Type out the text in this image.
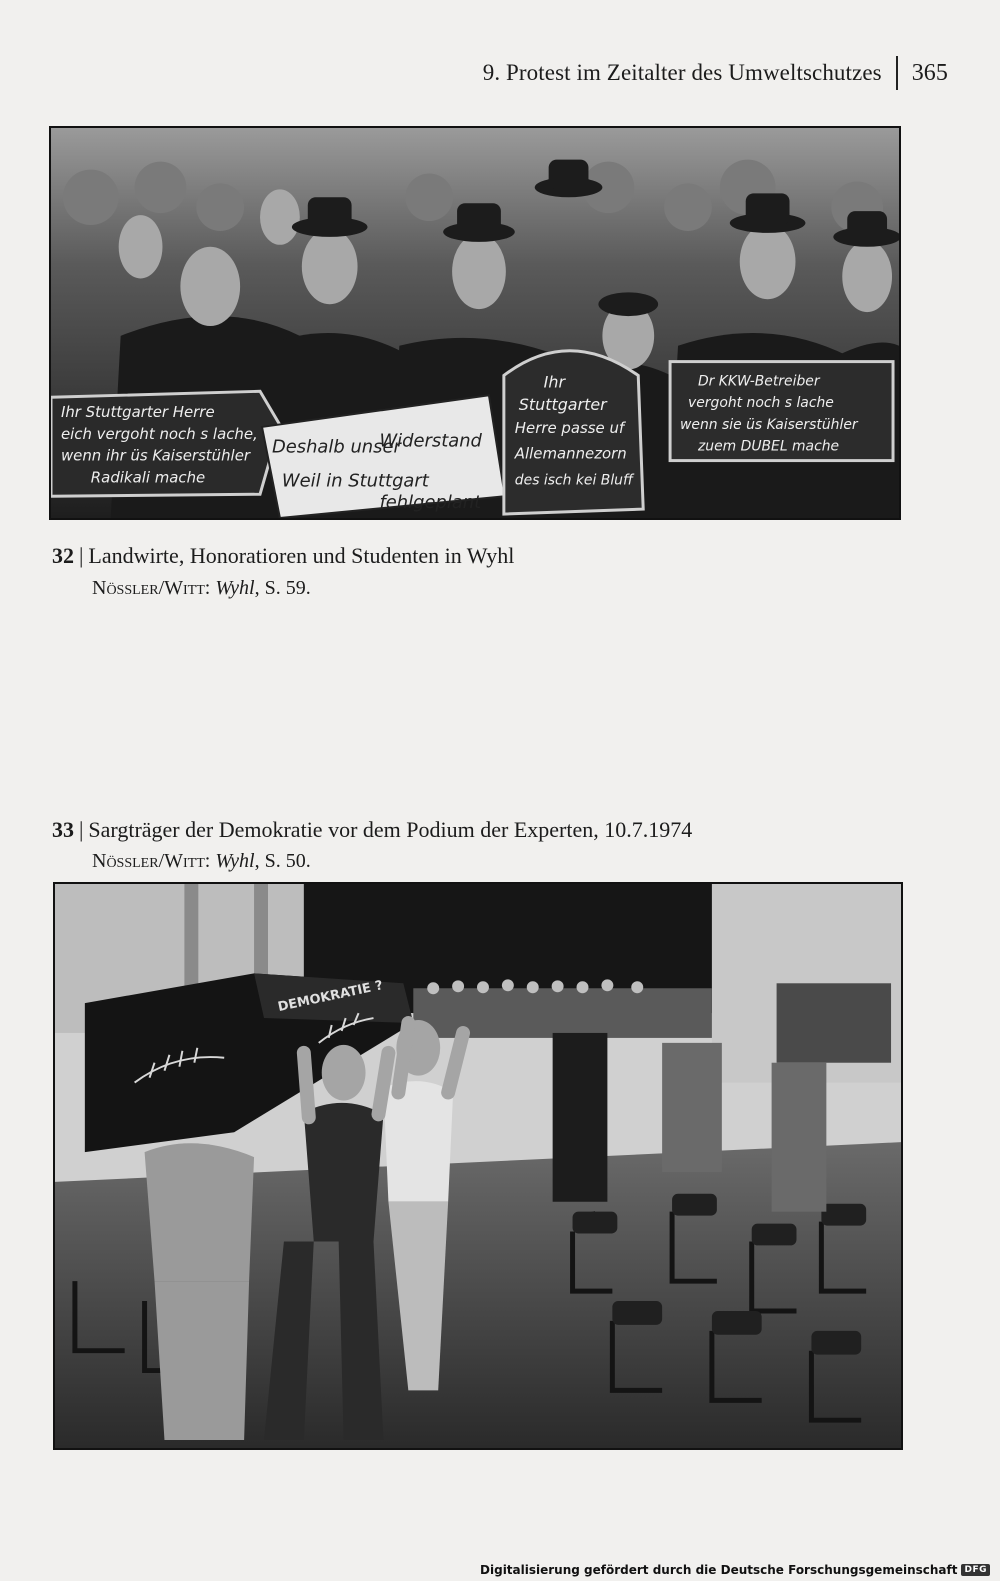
9. Protest im Zeitalter des Umweltschutzes 365
Ihr Stuttgarter Herre
eich vergoht noch s lache,
wenn ihr üs Kaiserstühler
Radikali mache
Deshalb unser
Widerstand
Weil in Stuttgart
fehlgeplant
Ihr
Stuttgarter
Herre passe uf
Allemannezorn
des isch kei Bluff
Dr KKW-Betreiber
vergoht noch s lache
wenn sie üs Kaiserstühler
zuem DUBEL mache
32 | Landwirte, Honoratioren und Studenten in Wyhl
Nössler/Witt: Wyhl, S. 59.
33 | Sargträger der Demokratie vor dem Podium der Experten, 10.7.1974
Nössler/Witt: Wyhl, S. 50.
DEMOKRATIE ?
Digitalisierung gefördert durch die Deutsche Forschungsgemeinschaft DFG
